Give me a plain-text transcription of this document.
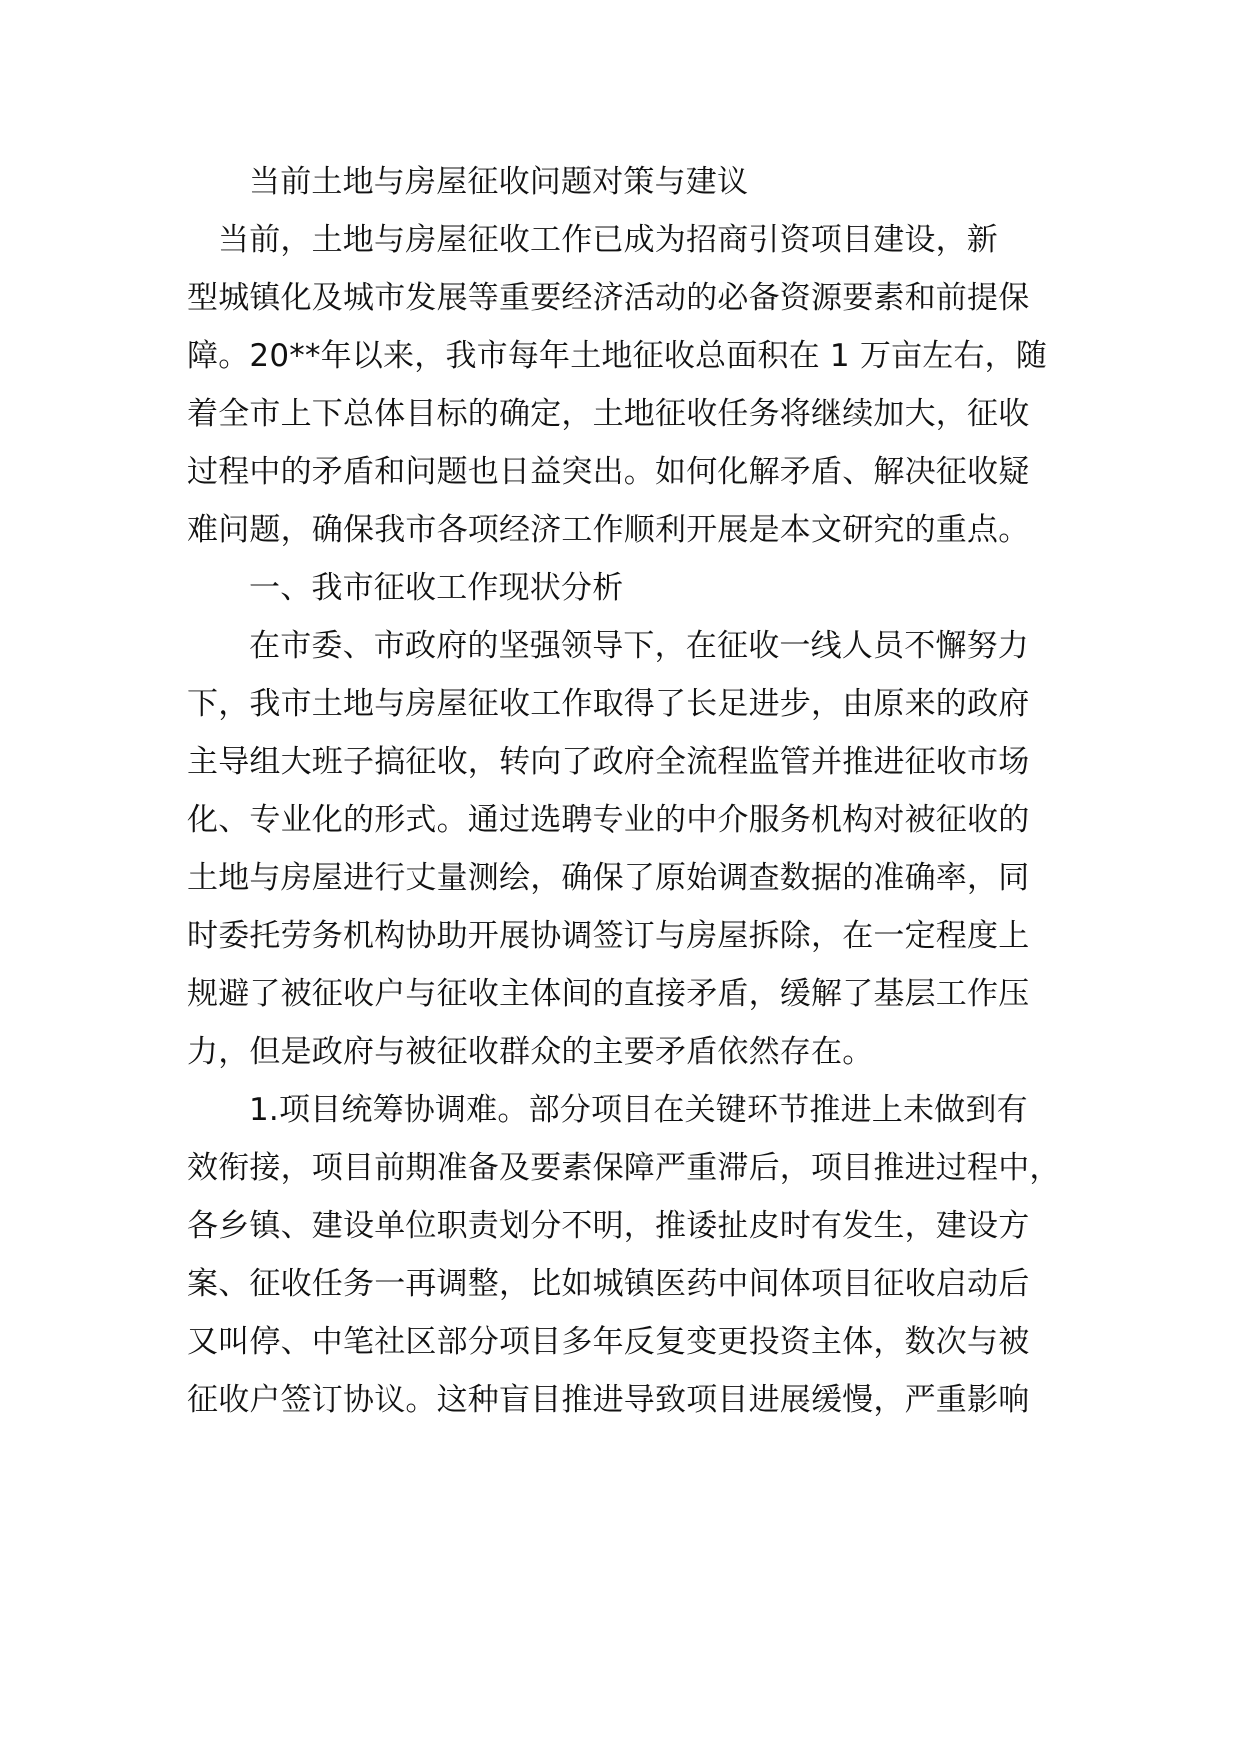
当前土地与房屋征收问题对策与建议
当前，土地与房屋征收工作已成为招商引资项目建设，新
型城镇化及城市发展等重要经济活动的必备资源要素和前提保
障。20**年以来，我市每年土地征收总面积在 1 万亩左右，随
着全市上下总体目标的确定，土地征收任务将继续加大，征收
过程中的矛盾和问题也日益突出。如何化解矛盾、解决征收疑
难问题，确保我市各项经济工作顺利开展是本文研究的重点。
一、我市征收工作现状分析
在市委、市政府的坚强领导下，在征收一线人员不懈努力
下，我市土地与房屋征收工作取得了长足进步，由原来的政府
主导组大班子搞征收，转向了政府全流程监管并推进征收市场
化、专业化的形式。通过选聘专业的中介服务机构对被征收的
土地与房屋进行丈量测绘，确保了原始调查数据的准确率，同
时委托劳务机构协助开展协调签订与房屋拆除，在一定程度上
规避了被征收户与征收主体间的直接矛盾，缓解了基层工作压
力，但是政府与被征收群众的主要矛盾依然存在。
1.项目统筹协调难。部分项目在关键环节推进上未做到有
效衔接，项目前期准备及要素保障严重滞后，项目推进过程中，
各乡镇、建设单位职责划分不明，推诿扯皮时有发生，建设方
案、征收任务一再调整，比如城镇医药中间体项目征收启动后
又叫停、中笔社区部分项目多年反复变更投资主体，数次与被
征收户签订协议。这种盲目推进导致项目进展缓慢，严重影响
